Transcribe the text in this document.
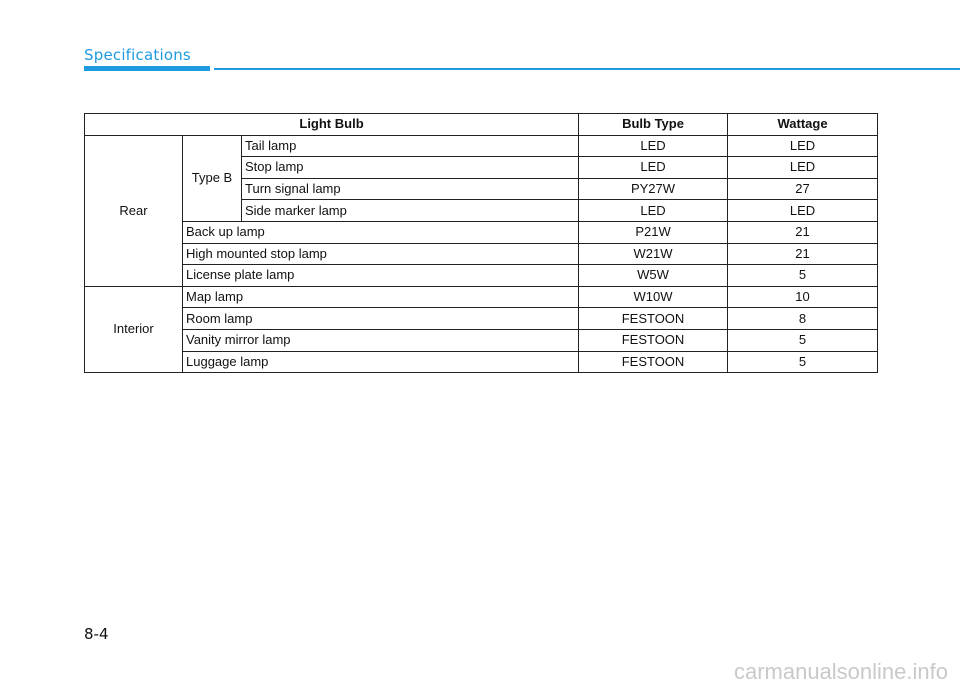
Specifications
Light Bulb			Bulb Type	Wattage
Rear	Type B	Tail lamp	LED	LED
		Stop lamp	LED	LED
		Turn signal lamp	PY27W	27
		Side marker lamp	LED	LED
	Back up lamp		P21W	21
	High mounted stop lamp		W21W	21
	License plate lamp		W5W	5
Interior	Map lamp		W10W	10
	Room lamp		FESTOON	8
	Vanity mirror lamp		FESTOON	5
	Luggage lamp		FESTOON	5
8-4
carmanualsonline.info
